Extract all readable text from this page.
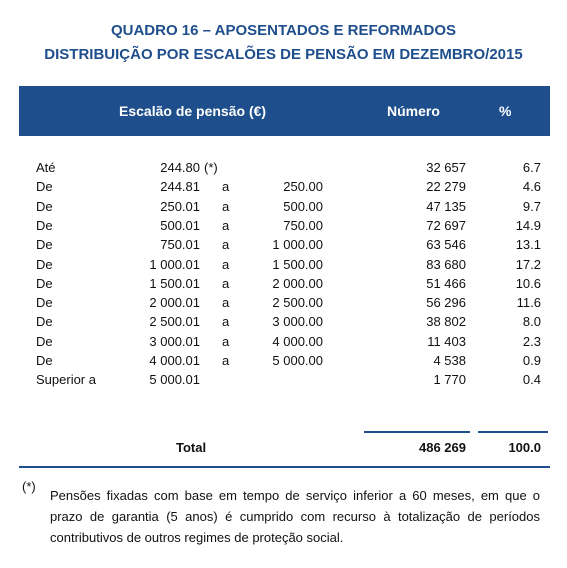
QUADRO 16 – APOSENTADOS E REFORMADOS
DISTRIBUIÇÃO POR ESCALÕES DE PENSÃO EM DEZEMBRO/2015
Escalão de pensão (€)	Número	%
Até	244.80 (*)	32 657	6.7
De	244.81 a	250.00	22 279	4.6
De	250.01 a	500.00	47 135	9.7
De	500.01 a	750.00	72 697	14.9
De	750.01 a	1 000.00	63 546	13.1
De	1 000.01 a	1 500.00	83 680	17.2
De	1 500.01 a	2 000.00	51 466	10.6
De	2 000.01 a	2 500.00	56 296	11.6
De	2 500.01 a	3 000.00	38 802	8.0
De	3 000.01 a	4 000.00	11 403	2.3
De	4 000.01 a	5 000.00	4 538	0.9
Superior a	5 000.01	1 770	0.4
Total	486 269	100.0
(*)
Pensões fixadas com base em tempo de serviço inferior a 60 meses, em que o prazo de garantia (5 anos) é cumprido com recurso à totalização de períodos contributivos de outros regimes de proteção social.
